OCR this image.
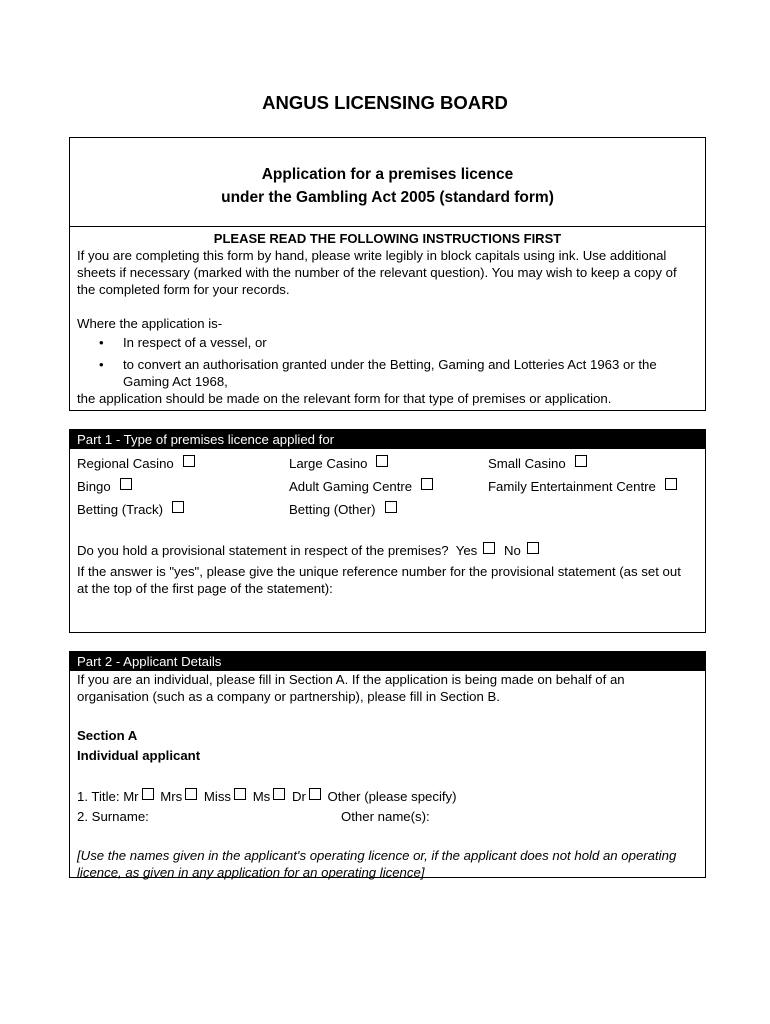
ANGUS LICENSING BOARD
Application for a premises licence
under the Gambling Act 2005 (standard form)
PLEASE READ THE FOLLOWING INSTRUCTIONS FIRST
If you are completing this form by hand, please write legibly in block capitals using ink. Use additional sheets if necessary (marked with the number of the relevant question). You may wish to keep a copy of the completed form for your records.
Where the application is-
• In respect of a vessel, or
• to convert an authorisation granted under the Betting, Gaming and Lotteries Act 1963 or the Gaming Act 1968,
the application should be made on the relevant form for that type of premises or application.
Part 1 - Type of premises licence applied for
Regional Casino	Large Casino	Small Casino
Bingo	Adult Gaming Centre	Family Entertainment Centre
Betting (Track)	Betting (Other)
Do you hold a provisional statement in respect of the premises? Yes No
If the answer is "yes", please give the unique reference number for the provisional statement (as set out at the top of the first page of the statement):
Part 2 - Applicant Details
If you are an individual, please fill in Section A. If the application is being made on behalf of an organisation (such as a company or partnership), please fill in Section B.
Section A
Individual applicant
1. Title: Mr Mrs Miss Ms Dr Other (please specify)
2. Surname:	Other name(s):
[Use the names given in the applicant's operating licence or, if the applicant does not hold an operating licence, as given in any application for an operating licence]
